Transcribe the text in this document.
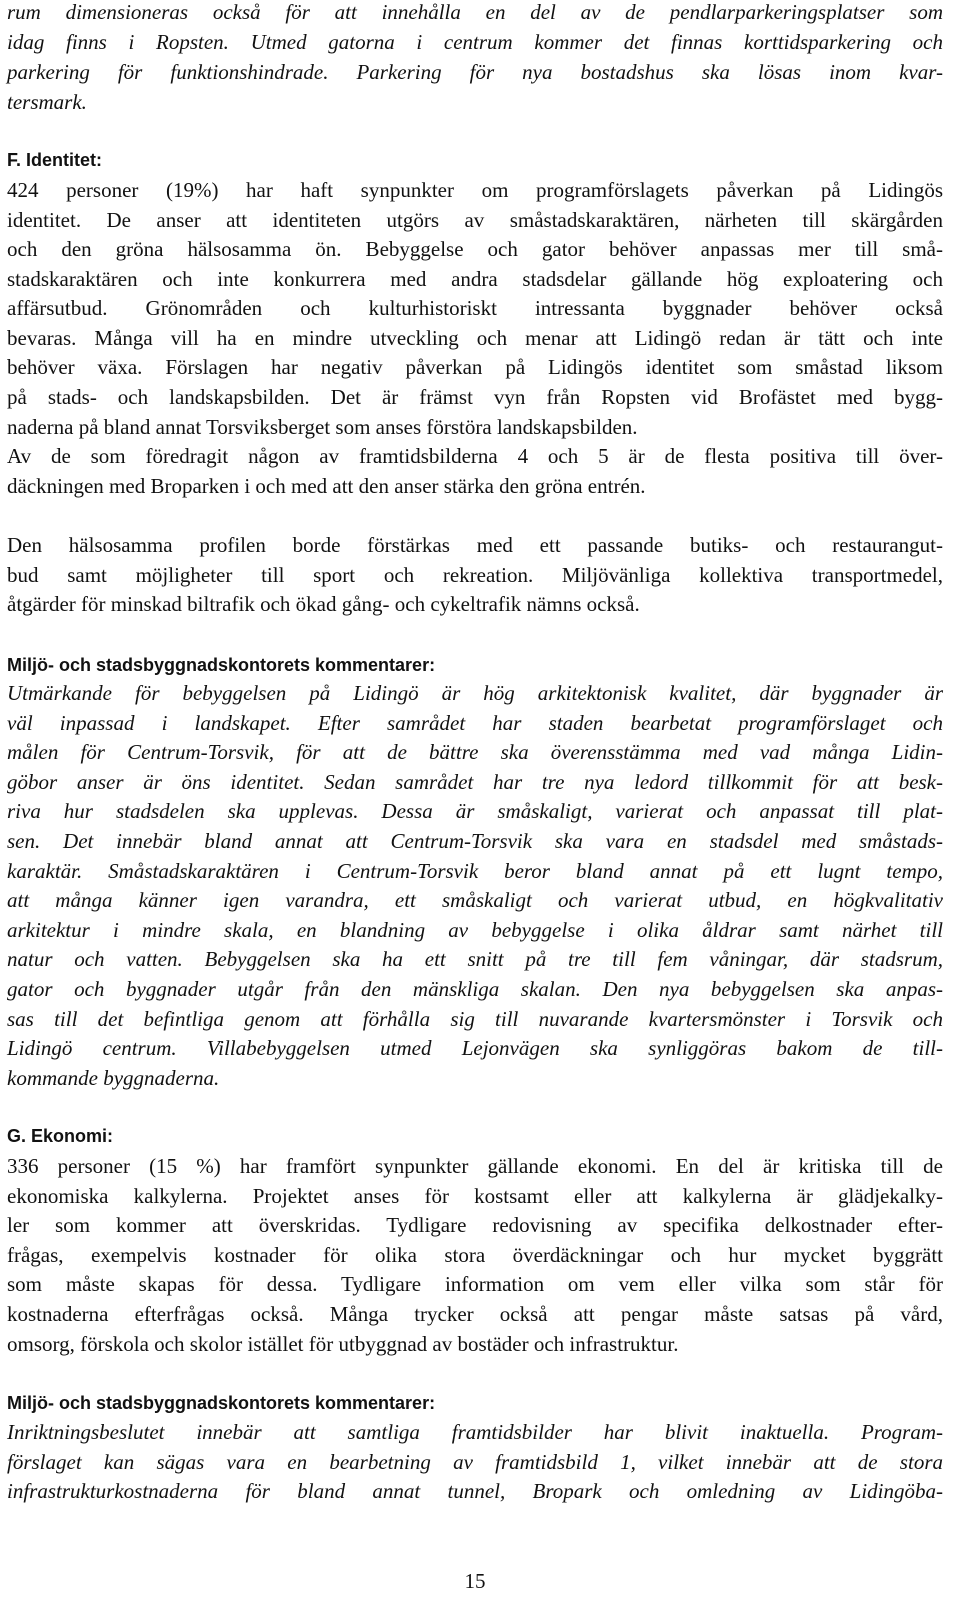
rum dimensioneras också för att innehålla en del av de pendlarparkeringsplatser som
idag finns i Ropsten. Utmed gatorna i centrum kommer det finnas korttidsparkering och
parkering för funktionshindrade. Parkering för nya bostadshus ska lösas inom kvar-
tersmark.
F. Identitet:
424 personer (19%) har haft synpunkter om programförslagets påverkan på Lidingös
identitet. De anser att identiteten utgörs av småstadskaraktären, närheten till skärgården
och den gröna hälsosamma ön. Bebyggelse och gator behöver anpassas mer till små-
stadskaraktären och inte konkurrera med andra stadsdelar gällande hög exploatering och
affärsutbud. Grönområden och kulturhistoriskt intressanta byggnader behöver också
bevaras. Många vill ha en mindre utveckling och menar att Lidingö redan är tätt och inte
behöver växa. Förslagen har negativ påverkan på Lidingös identitet som småstad liksom
på stads- och landskapsbilden. Det är främst vyn från Ropsten vid Brofästet med bygg-
naderna på bland annat Torsviksberget som anses förstöra landskapsbilden.
Av de som föredragit någon av framtidsbilderna 4 och 5 är de flesta positiva till över-
däckningen med Broparken i och med att den anser stärka den gröna entrén.
Den hälsosamma profilen borde förstärkas med ett passande butiks- och restaurangut-
bud samt möjligheter till sport och rekreation. Miljövänliga kollektiva transportmedel,
åtgärder för minskad biltrafik och ökad gång- och cykeltrafik nämns också.
Miljö- och stadsbyggnadskontorets kommentarer:
Utmärkande för bebyggelsen på Lidingö är hög arkitektonisk kvalitet, där byggnader är
väl inpassad i landskapet. Efter samrådet har staden bearbetat programförslaget och
målen för Centrum-Torsvik, för att de bättre ska överensstämma med vad många Lidin-
göbor anser är öns identitet. Sedan samrådet har tre nya ledord tillkommit för att besk-
riva hur stadsdelen ska upplevas. Dessa är småskaligt, varierat och anpassat till plat-
sen. Det innebär bland annat att Centrum-Torsvik ska vara en stadsdel med småstads-
karaktär. Småstadskaraktären i Centrum-Torsvik beror bland annat på ett lugnt tempo,
att många känner igen varandra, ett småskaligt och varierat utbud, en högkvalitativ
arkitektur i mindre skala, en blandning av bebyggelse i olika åldrar samt närhet till
natur och vatten. Bebyggelsen ska ha ett snitt på tre till fem våningar, där stadsrum,
gator och byggnader utgår från den mänskliga skalan. Den nya bebyggelsen ska anpas-
sas till det befintliga genom att förhålla sig till nuvarande kvartersmönster i Torsvik och
Lidingö centrum. Villabebyggelsen utmed Lejonvägen ska synliggöras bakom de till-
kommande byggnaderna.
G. Ekonomi:
336 personer (15 %) har framfört synpunkter gällande ekonomi. En del är kritiska till de
ekonomiska kalkylerna. Projektet anses för kostsamt eller att kalkylerna är glädjekalky-
ler som kommer att överskridas. Tydligare redovisning av specifika delkostnader efter-
frågas, exempelvis kostnader för olika stora överdäckningar och hur mycket byggrätt
som måste skapas för dessa. Tydligare information om vem eller vilka som står för
kostnaderna efterfrågas också. Många trycker också att pengar måste satsas på vård,
omsorg, förskola och skolor istället för utbyggnad av bostäder och infrastruktur.
Miljö- och stadsbyggnadskontorets kommentarer:
Inriktningsbeslutet innebär att samtliga framtidsbilder har blivit inaktuella. Program-
förslaget kan sägas vara en bearbetning av framtidsbild 1, vilket innebär att de stora
infrastrukturkostnaderna för bland annat tunnel, Bropark och omledning av Lidingöba-
15
